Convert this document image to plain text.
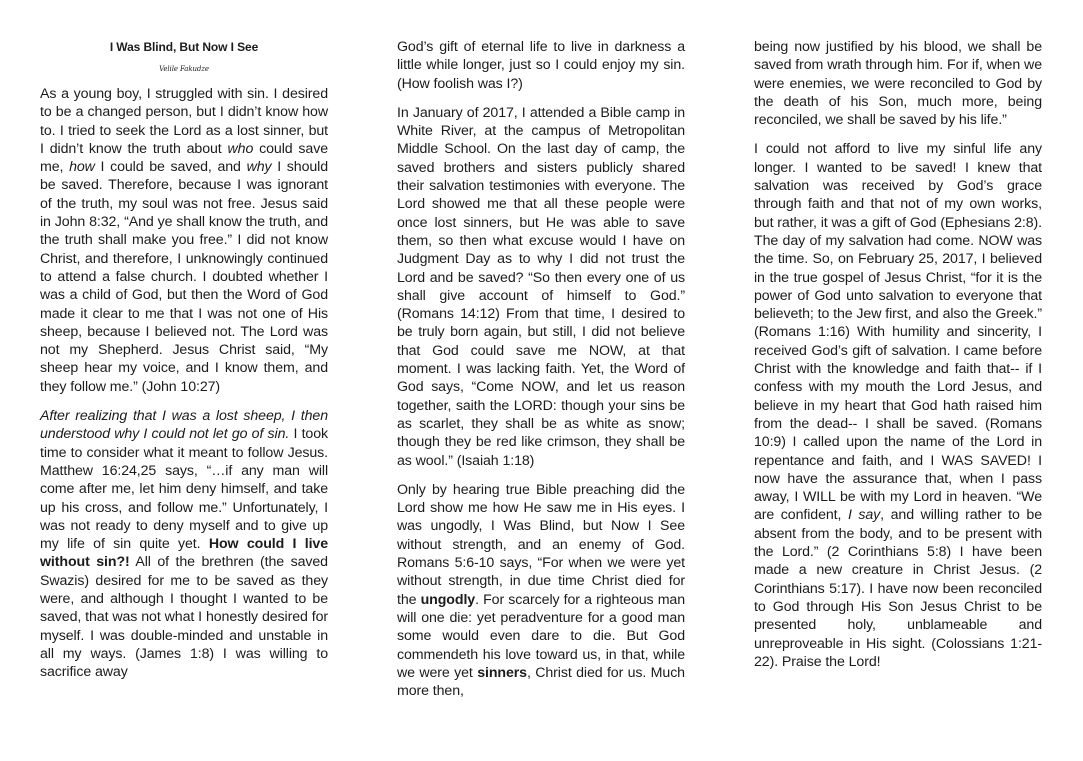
I Was Blind, But Now I See

Velile Fakudze

As a young boy, I struggled with sin. I desired to be a changed person, but I didn’t know how to. I tried to seek the Lord as a lost sinner, but I didn’t know the truth about who could save me, how I could be saved, and why I should be saved. Therefore, because I was ignorant of the truth, my soul was not free. Jesus said in John 8:32, “And ye shall know the truth, and the truth shall make you free.” I did not know Christ, and therefore, I unknowingly continued to attend a false church. I doubted whether I was a child of God, but then the Word of God made it clear to me that I was not one of His sheep, because I believed not. The Lord was not my Shepherd. Jesus Christ said, “My sheep hear my voice, and I know them, and they follow me.” (John 10:27)

After realizing that I was a lost sheep, I then understood why I could not let go of sin. I took time to consider what it meant to follow Jesus. Matthew 16:24,25 says, “…if any man will come after me, let him deny himself, and take up his cross, and follow me.” Unfortunately, I was not ready to deny myself and to give up my life of sin quite yet. How could I live without sin?! All of the brethren (the saved Swazis) desired for me to be saved as they were, and although I thought I wanted to be saved, that was not what I honestly desired for myself. I was double-minded and unstable in all my ways. (James 1:8) I was willing to sacrifice away

God’s gift of eternal life to live in darkness a little while longer, just so I could enjoy my sin. (How foolish was I?)

In January of 2017, I attended a Bible camp in White River, at the campus of Metropolitan Middle School. On the last day of camp, the saved brothers and sisters publicly shared their salvation testimonies with everyone. The Lord showed me that all these people were once lost sinners, but He was able to save them, so then what excuse would I have on Judgment Day as to why I did not trust the Lord and be saved? “So then every one of us shall give account of himself to God.” (Romans 14:12) From that time, I desired to be truly born again, but still, I did not believe that God could save me NOW, at that moment. I was lacking faith. Yet, the Word of God says, “Come NOW, and let us reason together, saith the LORD: though your sins be as scarlet, they shall be as white as snow; though they be red like crimson, they shall be as wool.” (Isaiah 1:18)

Only by hearing true Bible preaching did the Lord show me how He saw me in His eyes. I was ungodly, I Was Blind, but Now I See without strength, and an enemy of God. Romans 5:6-10 says, “For when we were yet without strength, in due time Christ died for the ungodly. For scarcely for a righteous man will one die: yet peradventure for a good man some would even dare to die. But God commendeth his love toward us, in that, while we were yet sinners, Christ died for us. Much more then,

being now justified by his blood, we shall be saved from wrath through him. For if, when we were enemies, we were reconciled to God by the death of his Son, much more, being reconciled, we shall be saved by his life.”

I could not afford to live my sinful life any longer. I wanted to be saved! I knew that salvation was received by God’s grace through faith and that not of my own works, but rather, it was a gift of God (Ephesians 2:8). The day of my salvation had come. NOW was the time. So, on February 25, 2017, I believed in the true gospel of Jesus Christ, “for it is the power of God unto salvation to everyone that believeth; to the Jew first, and also the Greek.” (Romans 1:16) With humility and sincerity, I received God’s gift of salvation. I came before Christ with the knowledge and faith that-- if I confess with my mouth the Lord Jesus, and believe in my heart that God hath raised him from the dead-- I shall be saved. (Romans 10:9) I called upon the name of the Lord in repentance and faith, and I WAS SAVED! I now have the assurance that, when I pass away, I WILL be with my Lord in heaven. “We are confident, I say, and willing rather to be absent from the body, and to be present with the Lord.” (2 Corinthians 5:8) I have been made a new creature in Christ Jesus. (2 Corinthians 5:17). I have now been reconciled to God through His Son Jesus Christ to be presented holy, unblameable and unreproveable in His sight. (Colossians 1:21-22). Praise the Lord!
